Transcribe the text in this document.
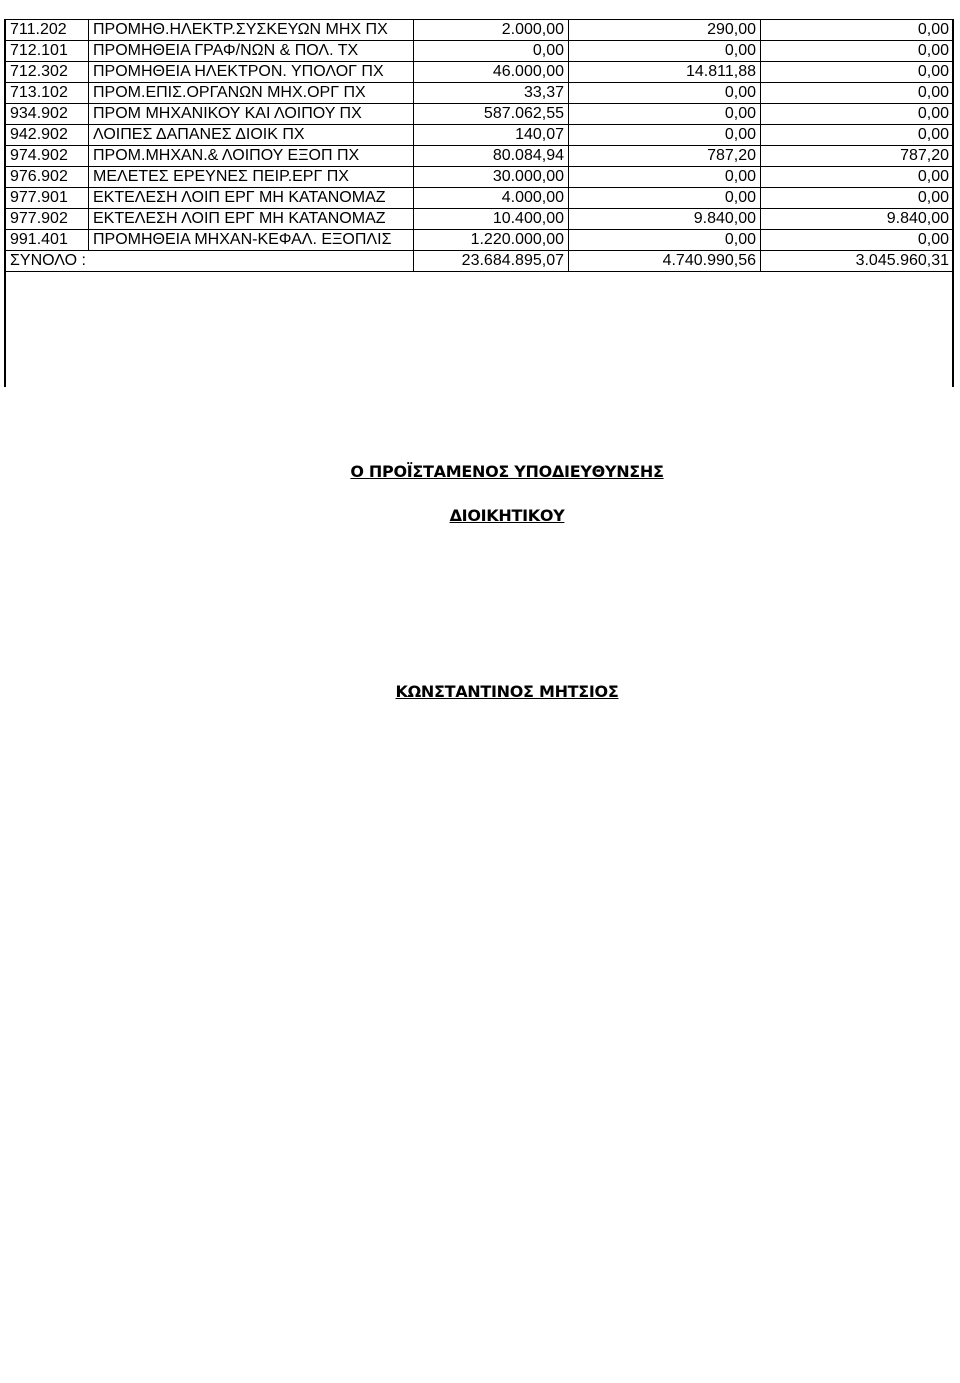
711.202	ΠΡΟΜΗΘ.ΗΛΕΚΤΡ.ΣΥΣΚΕΥΩΝ ΜΗΧ ΠΧ	2.000,00	290,00	0,00
712.101	ΠΡΟΜΗΘΕΙΑ ΓΡΑΦ/ΝΩΝ & ΠΟΛ. ΤΧ	0,00	0,00	0,00
712.302	ΠΡΟΜΗΘΕΙΑ ΗΛΕΚΤΡΟΝ. ΥΠΟΛΟΓ ΠΧ	46.000,00	14.811,88	0,00
713.102	ΠΡΟΜ.ΕΠΙΣ.ΟΡΓΑΝΩΝ ΜΗΧ.ΟΡΓ ΠΧ	33,37	0,00	0,00
934.902	ΠΡΟΜ ΜΗΧΑΝΙΚΟΥ ΚΑΙ ΛΟΙΠΟΥ ΠΧ	587.062,55	0,00	0,00
942.902	ΛΟΙΠΕΣ ΔΑΠΑΝΕΣ ΔΙΟΙΚ ΠΧ	140,07	0,00	0,00
974.902	ΠΡΟΜ.ΜΗΧΑΝ.& ΛΟΙΠΟΥ ΕΞΟΠ ΠΧ	80.084,94	787,20	787,20
976.902	ΜΕΛΕΤΕΣ ΕΡΕΥΝΕΣ ΠΕΙΡ.ΕΡΓ ΠΧ	30.000,00	0,00	0,00
977.901	ΕΚΤΕΛΕΣΗ ΛΟΙΠ ΕΡΓ ΜΗ ΚΑΤΑΝΟΜΑΖ	4.000,00	0,00	0,00
977.902	ΕΚΤΕΛΕΣΗ ΛΟΙΠ ΕΡΓ ΜΗ ΚΑΤΑΝΟΜΑΖ	10.400,00	9.840,00	9.840,00
991.401	ΠΡΟΜΗΘΕΙΑ ΜΗΧΑΝ-ΚΕΦΑΛ. ΕΞΟΠΛΙΣ	1.220.000,00	0,00	0,00
ΣΥΝΟΛΟ :		23.684.895,07	4.740.990,56	3.045.960,31
Ο ΠΡΟΪΣΤΑΜΕΝΟΣ ΥΠΟΔΙΕΥΘΥΝΣΗΣ
ΔΙΟΙΚΗΤΙΚΟΥ
ΚΩΝΣΤΑΝΤΙΝΟΣ ΜΗΤΣΙΟΣ
